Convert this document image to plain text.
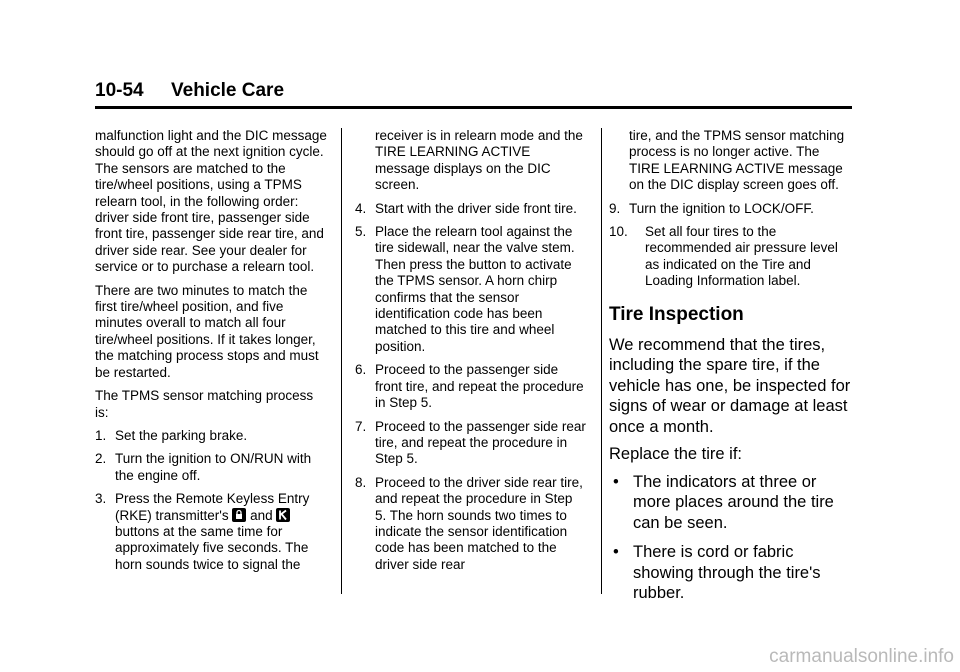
10-54 Vehicle Care

malfunction light and the DIC message should go off at the next ignition cycle. The sensors are matched to the tire/wheel positions, using a TPMS relearn tool, in the following order: driver side front tire, passenger side front tire, passenger side rear tire, and driver side rear. See your dealer for service or to purchase a relearn tool.

There are two minutes to match the first tire/wheel position, and five minutes overall to match all four tire/wheel positions. If it takes longer, the matching process stops and must be restarted.

The TPMS sensor matching process is:

1. Set the parking brake.
2. Turn the ignition to ON/RUN with the engine off.
3. Press the Remote Keyless Entry (RKE) transmitter's and  buttons at the same time for approximately five seconds. The horn sounds twice to signal the

receiver is in relearn mode and the TIRE LEARNING ACTIVE message displays on the DIC screen.

4. Start with the driver side front tire.
5. Place the relearn tool against the tire sidewall, near the valve stem. Then press the button to activate the TPMS sensor. A horn chirp confirms that the sensor identification code has been matched to this tire and wheel position.
6. Proceed to the passenger side front tire, and repeat the procedure in Step 5.
7. Proceed to the passenger side rear tire, and repeat the procedure in Step 5.
8. Proceed to the driver side rear tire, and repeat the procedure in Step 5. The horn sounds two times to indicate the sensor identification code has been matched to the driver side rear

tire, and the TPMS sensor matching process is no longer active. The TIRE LEARNING ACTIVE message on the DIC display screen goes off.

9. Turn the ignition to LOCK/OFF.
10. Set all four tires to the recommended air pressure level as indicated on the Tire and Loading Information label.
Tire Inspection

We recommend that the tires, including the spare tire, if the vehicle has one, be inspected for signs of wear or damage at least once a month.

Replace the tire if:

• The indicators at three or more places around the tire can be seen.
• There is cord or fabric showing through the tire's rubber.
carmanualsonline.info
